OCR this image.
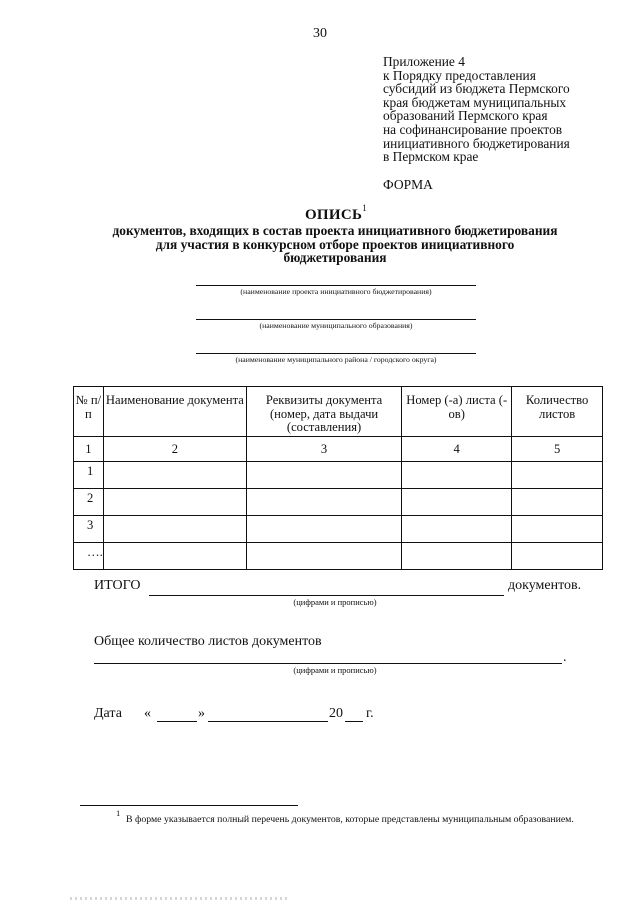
30
Приложение 4
к Порядку предоставления
субсидий из бюджета Пермского
края бюджетам муниципальных
образований Пермского края
на софинансирование проектов
инициативного бюджетирования
в Пермском крае
ФОРМА
ОПИСЬ$^1$
документов, входящих в состав проекта инициативного бюджетирования
для участия в конкурсном отборе проектов инициативного
бюджетирования
(наименование проекта инициативного бюджетирования)
(наименование муниципального образования)
(наименование муниципального района / городского округа)
№ п/п	Наименование документа	Реквизиты документа (номер, дата выдачи (составления)	Номер (-а) листа (-ов)	Количество листов
1	2	3	4	5
1				
2				
3				
….				
ИТОГО	документов.
(цифрами и прописью)
Общее количество листов документов
.
(цифрами и прописью)
Дата «	»	20 г.
1
В форме указывается полный перечень документов, которые представлены муниципальным образованием.
